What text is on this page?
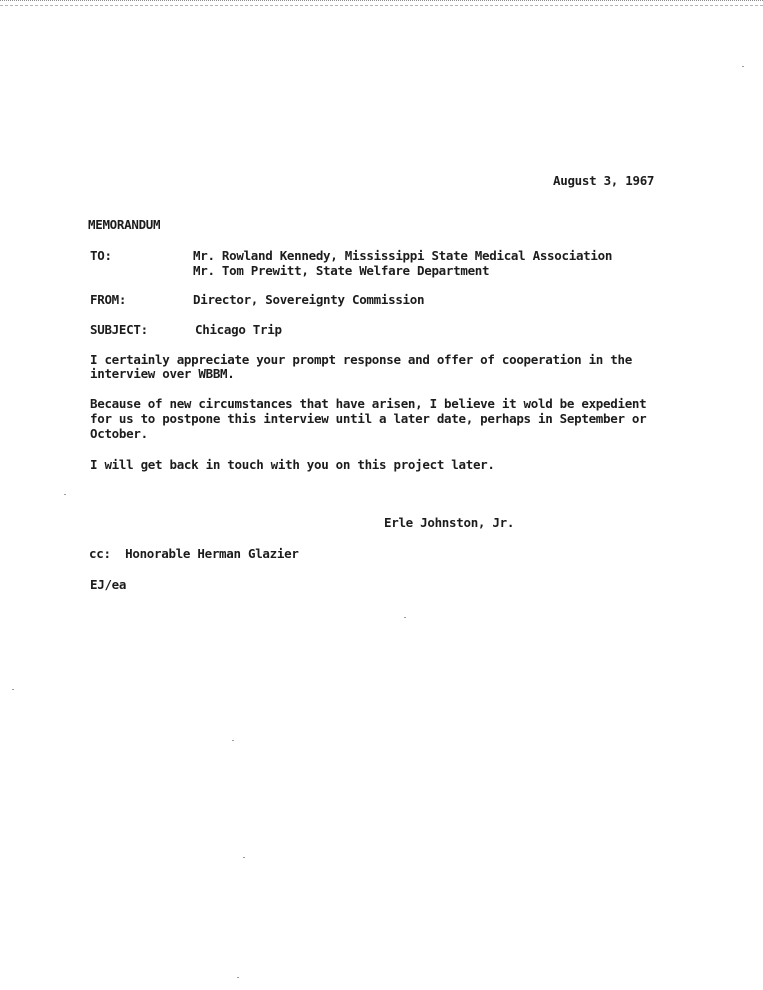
August 3, 1967
MEMORANDUM
TO:	Mr. Rowland Kennedy, Mississippi State Medical Association
Mr. Tom Prewitt, State Welfare Department
FROM:	Director, Sovereignty Commission
SUBJECT:	Chicago Trip
I certainly appreciate your prompt response and offer of cooperation in the
interview over WBBM.
Because of new circumstances that have arisen, I believe it wold be expedient
for us to postpone this interview until a later date, perhaps in September or
October.
I will get back in touch with you on this project later.
Erle Johnston, Jr.
cc:  Honorable Herman Glazier
EJ/ea
